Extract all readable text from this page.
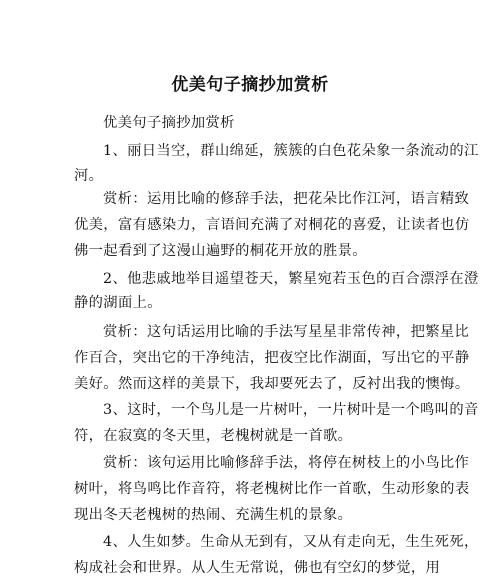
优美句子摘抄加赏析
优美句子摘抄加赏析
1、丽日当空，群山绵延，簇簇的白色花朵象一条流动的江
河。
赏析：运用比喻的修辞手法，把花朵比作江河，语言精致
优美，富有感染力，言语间充满了对桐花的喜爱，让读者也仿
佛一起看到了这漫山遍野的桐花开放的胜景。
2、他悲戚地举目遥望苍天，繁星宛若玉色的百合漂浮在澄
静的湖面上。
赏析：这句话运用比喻的手法写星星非常传神，把繁星比
作百合，突出它的干净纯洁，把夜空比作湖面，写出它的平静
美好。然而这样的美景下，我却要死去了，反衬出我的懊悔。
3、这时，一个鸟儿是一片树叶，一片树叶是一个鸣叫的音
符，在寂寞的冬天里，老槐树就是一首歌。
赏析：该句运用比喻修辞手法，将停在树枝上的小鸟比作
树叶，将鸟鸣比作音符，将老槐树比作一首歌，生动形象的表
现出冬天老槐树的热闹、充满生机的景象。
4、人生如梦。生命从无到有，又从有走向无，生生死死，
构成社会和世界。从人生无常说，佛也有空幻的梦觉，用
